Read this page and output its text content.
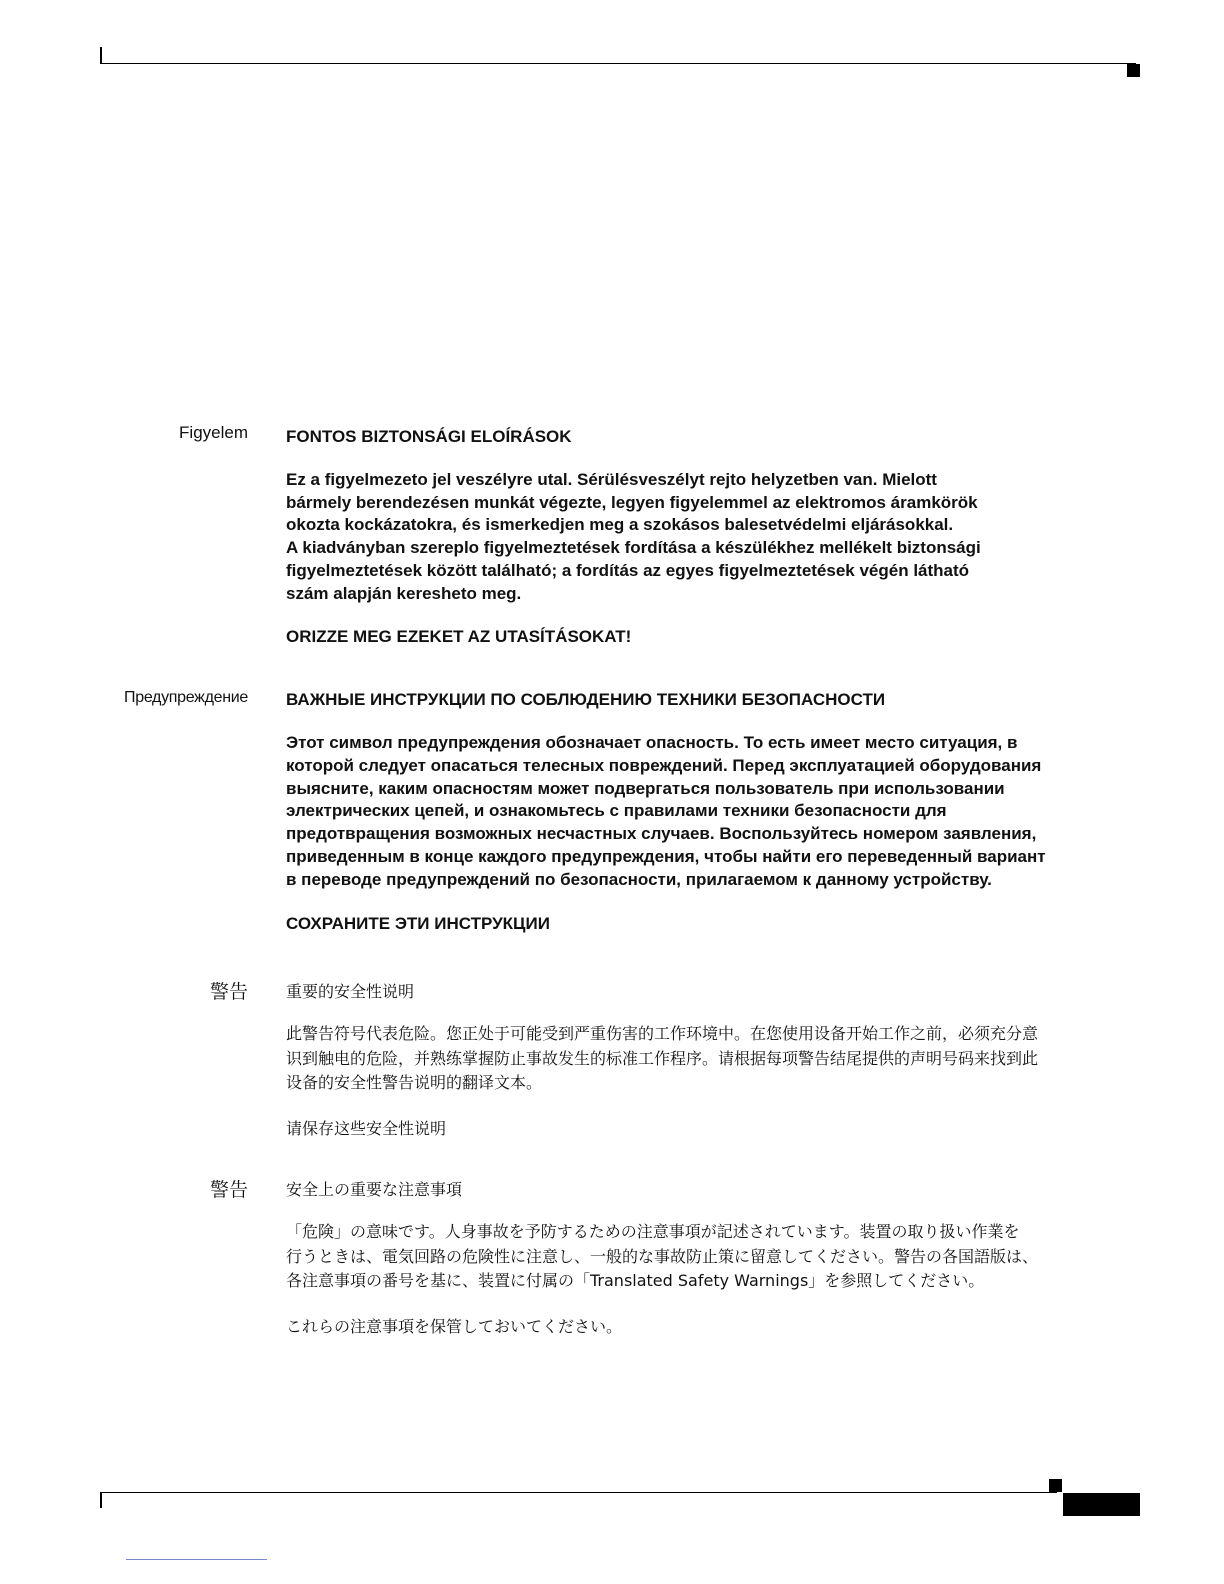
Figyelem FONTOS BIZTONSÁGI ELOÍRÁSOK

Ez a figyelmezeto jel veszélyre utal. Sérülésveszélyt rejto helyzetben van. Mielott
bármely berendezésen munkát végezte, legyen figyelemmel az elektromos áramkörök
okozta kockázatokra, és ismerkedjen meg a szokásos balesetvédelmi eljárásokkal.
A kiadványban szereplo figyelmeztetések fordítása a készülékhez mellékelt biztonsági
figyelmeztetések között található; a fordítás az egyes figyelmeztetések végén látható
szám alapján keresheto meg.

ORIZZE MEG EZEKET AZ UTASÍTÁSOKAT!

Предупреждение ВАЖНЫЕ ИНСТРУКЦИИ ПО СОБЛЮДЕНИЮ ТЕХНИКИ БЕЗОПАСНОСТИ

Этот символ предупреждения обозначает опасность. То есть имеет место ситуация, в
которой следует опасаться телесных повреждений. Перед эксплуатацией оборудования
выясните, каким опасностям может подвергаться пользователь при использовании
электрических цепей, и ознакомьтесь с правилами техники безопасности для
предотвращения возможных несчастных случаев. Воспользуйтесь номером заявления,
приведенным в конце каждого предупреждения, чтобы найти его переведенный вариант
в переводе предупреждений по безопасности, прилагаемом к данному устройству.

СОХРАНИТЕ ЭТИ ИНСТРУКЦИИ

警告 重要的安全性说明

此警告符号代表危险。您正处于可能受到严重伤害的工作环境中。在您使用设备开始工作之前，必须充分意
识到触电的危险，并熟练掌握防止事故发生的标准工作程序。请根据每项警告结尾提供的声明号码来找到此
设备的安全性警告说明的翻译文本。

请保存这些安全性说明

警告 安全上の重要な注意事項

「危険」の意味です。人身事故を予防するための注意事項が記述されています。装置の取り扱い作業を
行うときは、電気回路の危険性に注意し、一般的な事故防止策に留意してください。警告の各国語版は、
各注意事項の番号を基に、装置に付属の「Translated Safety Warnings」を参照してください。

これらの注意事項を保管しておいてください。
